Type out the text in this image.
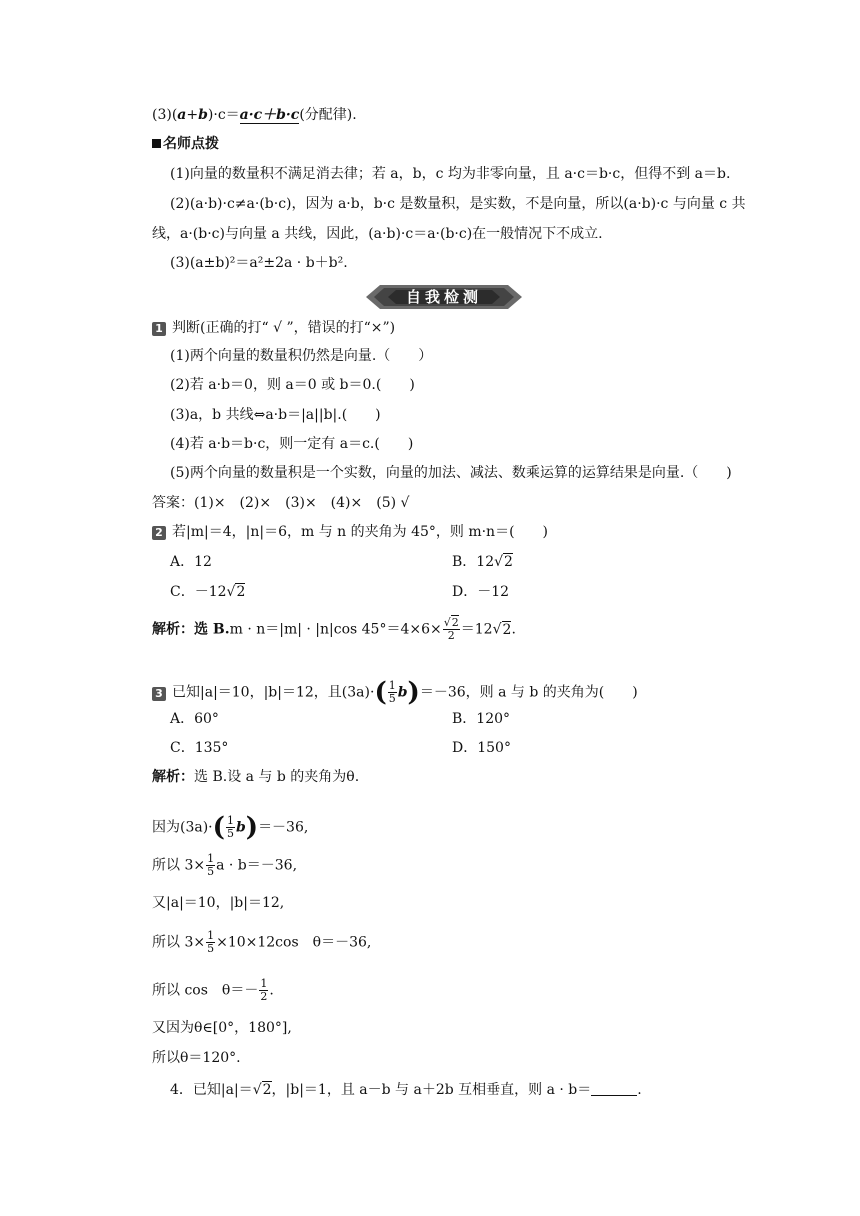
(3)(a+b)·c＝a·c＋b·c(分配律).
名师点拨
(1)向量的数量积不满足消去律；若 a，b，c 均为非零向量，且 a·c＝b·c，但得不到 a＝b.
(2)(a·b)·c≠a·(b·c)，因为 a·b，b·c 是数量积，是实数，不是向量，所以(a·b)·c 与向量 c 共
线，a·(b·c)与向量 a 共线，因此，(a·b)·c＝a·(b·c)在一般情况下不成立.
(3)(a±b)²＝a²±2a · b＋b².
自我检测
1 判断(正确的打“ √ ”，错误的打“×”)
(1)两个向量的数量积仍然是向量.（　　）
(2)若 a·b＝0，则 a＝0 或 b＝0.(　　)
(3)a，b 共线⇔a·b＝|a||b|.(　　)
(4)若 a·b＝b·c，则一定有 a＝c.(　　)
(5)两个向量的数量积是一个实数，向量的加法、减法、数乘运算的运算结果是向量.（　　)
答案：(1)×　(2)×　(3)×　(4)×　(5) √
2 若|m|＝4，|n|＝6，m 与 n 的夹角为 45°，则 m·n＝(　　)
A．12	B．12√2
C．－12√2	D．－12
解析：选 B.m · n＝|m| · |n|cos $45^\circ=4\times 6\times \frac{√2}{2} =12√2$.
3 已知|a|＝10，|b|＝12，且$(3a)\cdot( \frac{1}{5} b)=-36$，则 a 与 b 的夹角为(　　)
A．60°	B．120°
C．135°	D．150°
解析：选 B.设 a 与 b 的夹角为θ.
因为$(3a)\cdot( \frac{1}{5} b)=-36$,
所以 $3\times \frac{1}{5}$ a · b＝－36,
又|a|＝10，|b|＝12,
所以 $3\times \frac{1}{5} \times 10\times 12\cos$　θ＝－36,
所以 cos　$\theta=- \frac{1}{2}$ .
又因为θ∈[0°，180°],
所以θ＝120°.
4．已知|a|＝√2，|b|＝1，且 a－b 与 a＋2b 互相垂直，则 a · b＝	.
